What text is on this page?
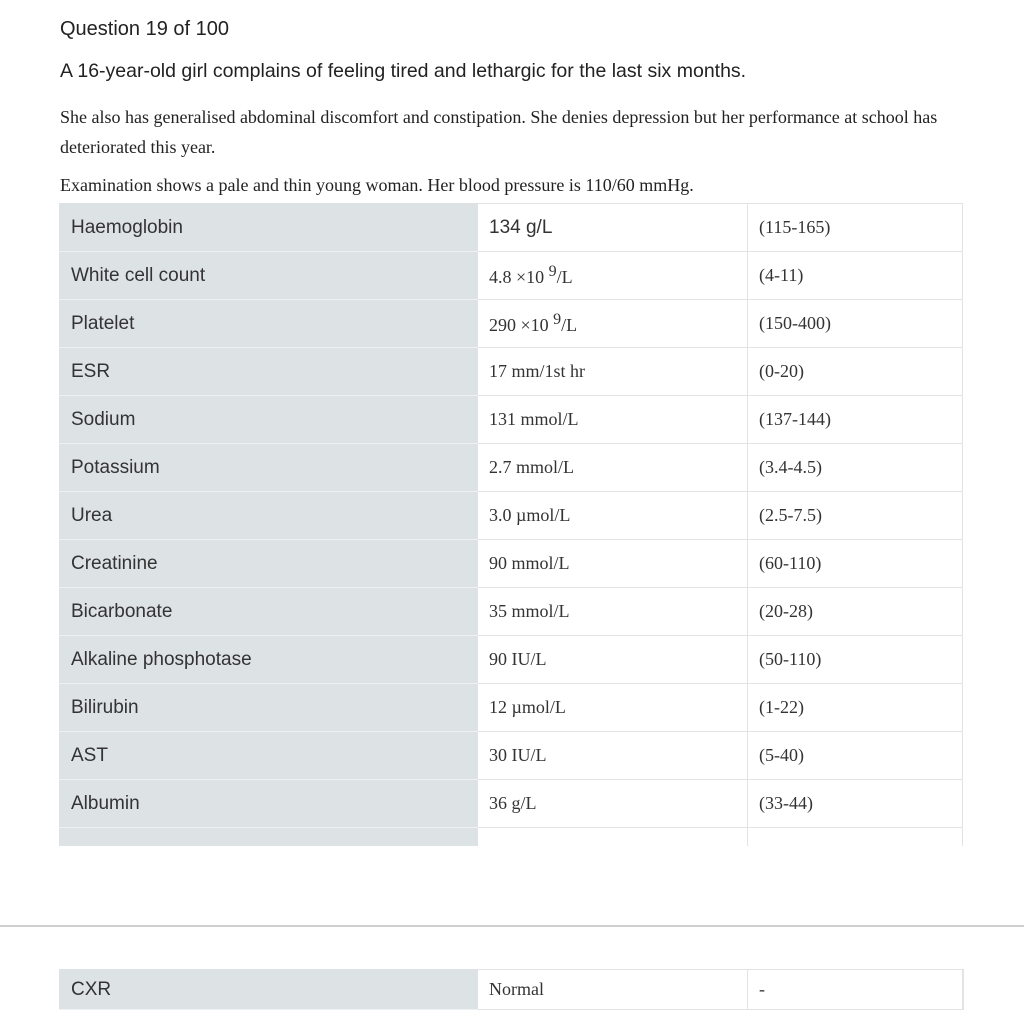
Question 19 of 100
A 16-year-old girl complains of feeling tired and lethargic for the last six months.
She also has generalised abdominal discomfort and constipation. She denies depression but her performance at school has deteriorated this year.
Examination shows a pale and thin young woman. Her blood pressure is 110/60 mmHg.
Haemoglobin	134 g/L	(115-165)
White cell count	4.8 ×10 $^9$/L	(4-11)
Platelet	290 ×10 $^9$/L	(150-400)
ESR	17 mm/1st hr	(0-20)
Sodium	131 mmol/L	(137-144)
Potassium	2.7 mmol/L	(3.4-4.5)
Urea	3.0 µmol/L	(2.5-7.5)
Creatinine	90 mmol/L	(60-110)
Bicarbonate	35 mmol/L	(20-28)
Alkaline phosphotase	90 IU/L	(50-110)
Bilirubin	12 µmol/L	(1-22)
AST	30 IU/L	(5-40)
Albumin	36 g/L	(33-44)

CXR	Normal	-
